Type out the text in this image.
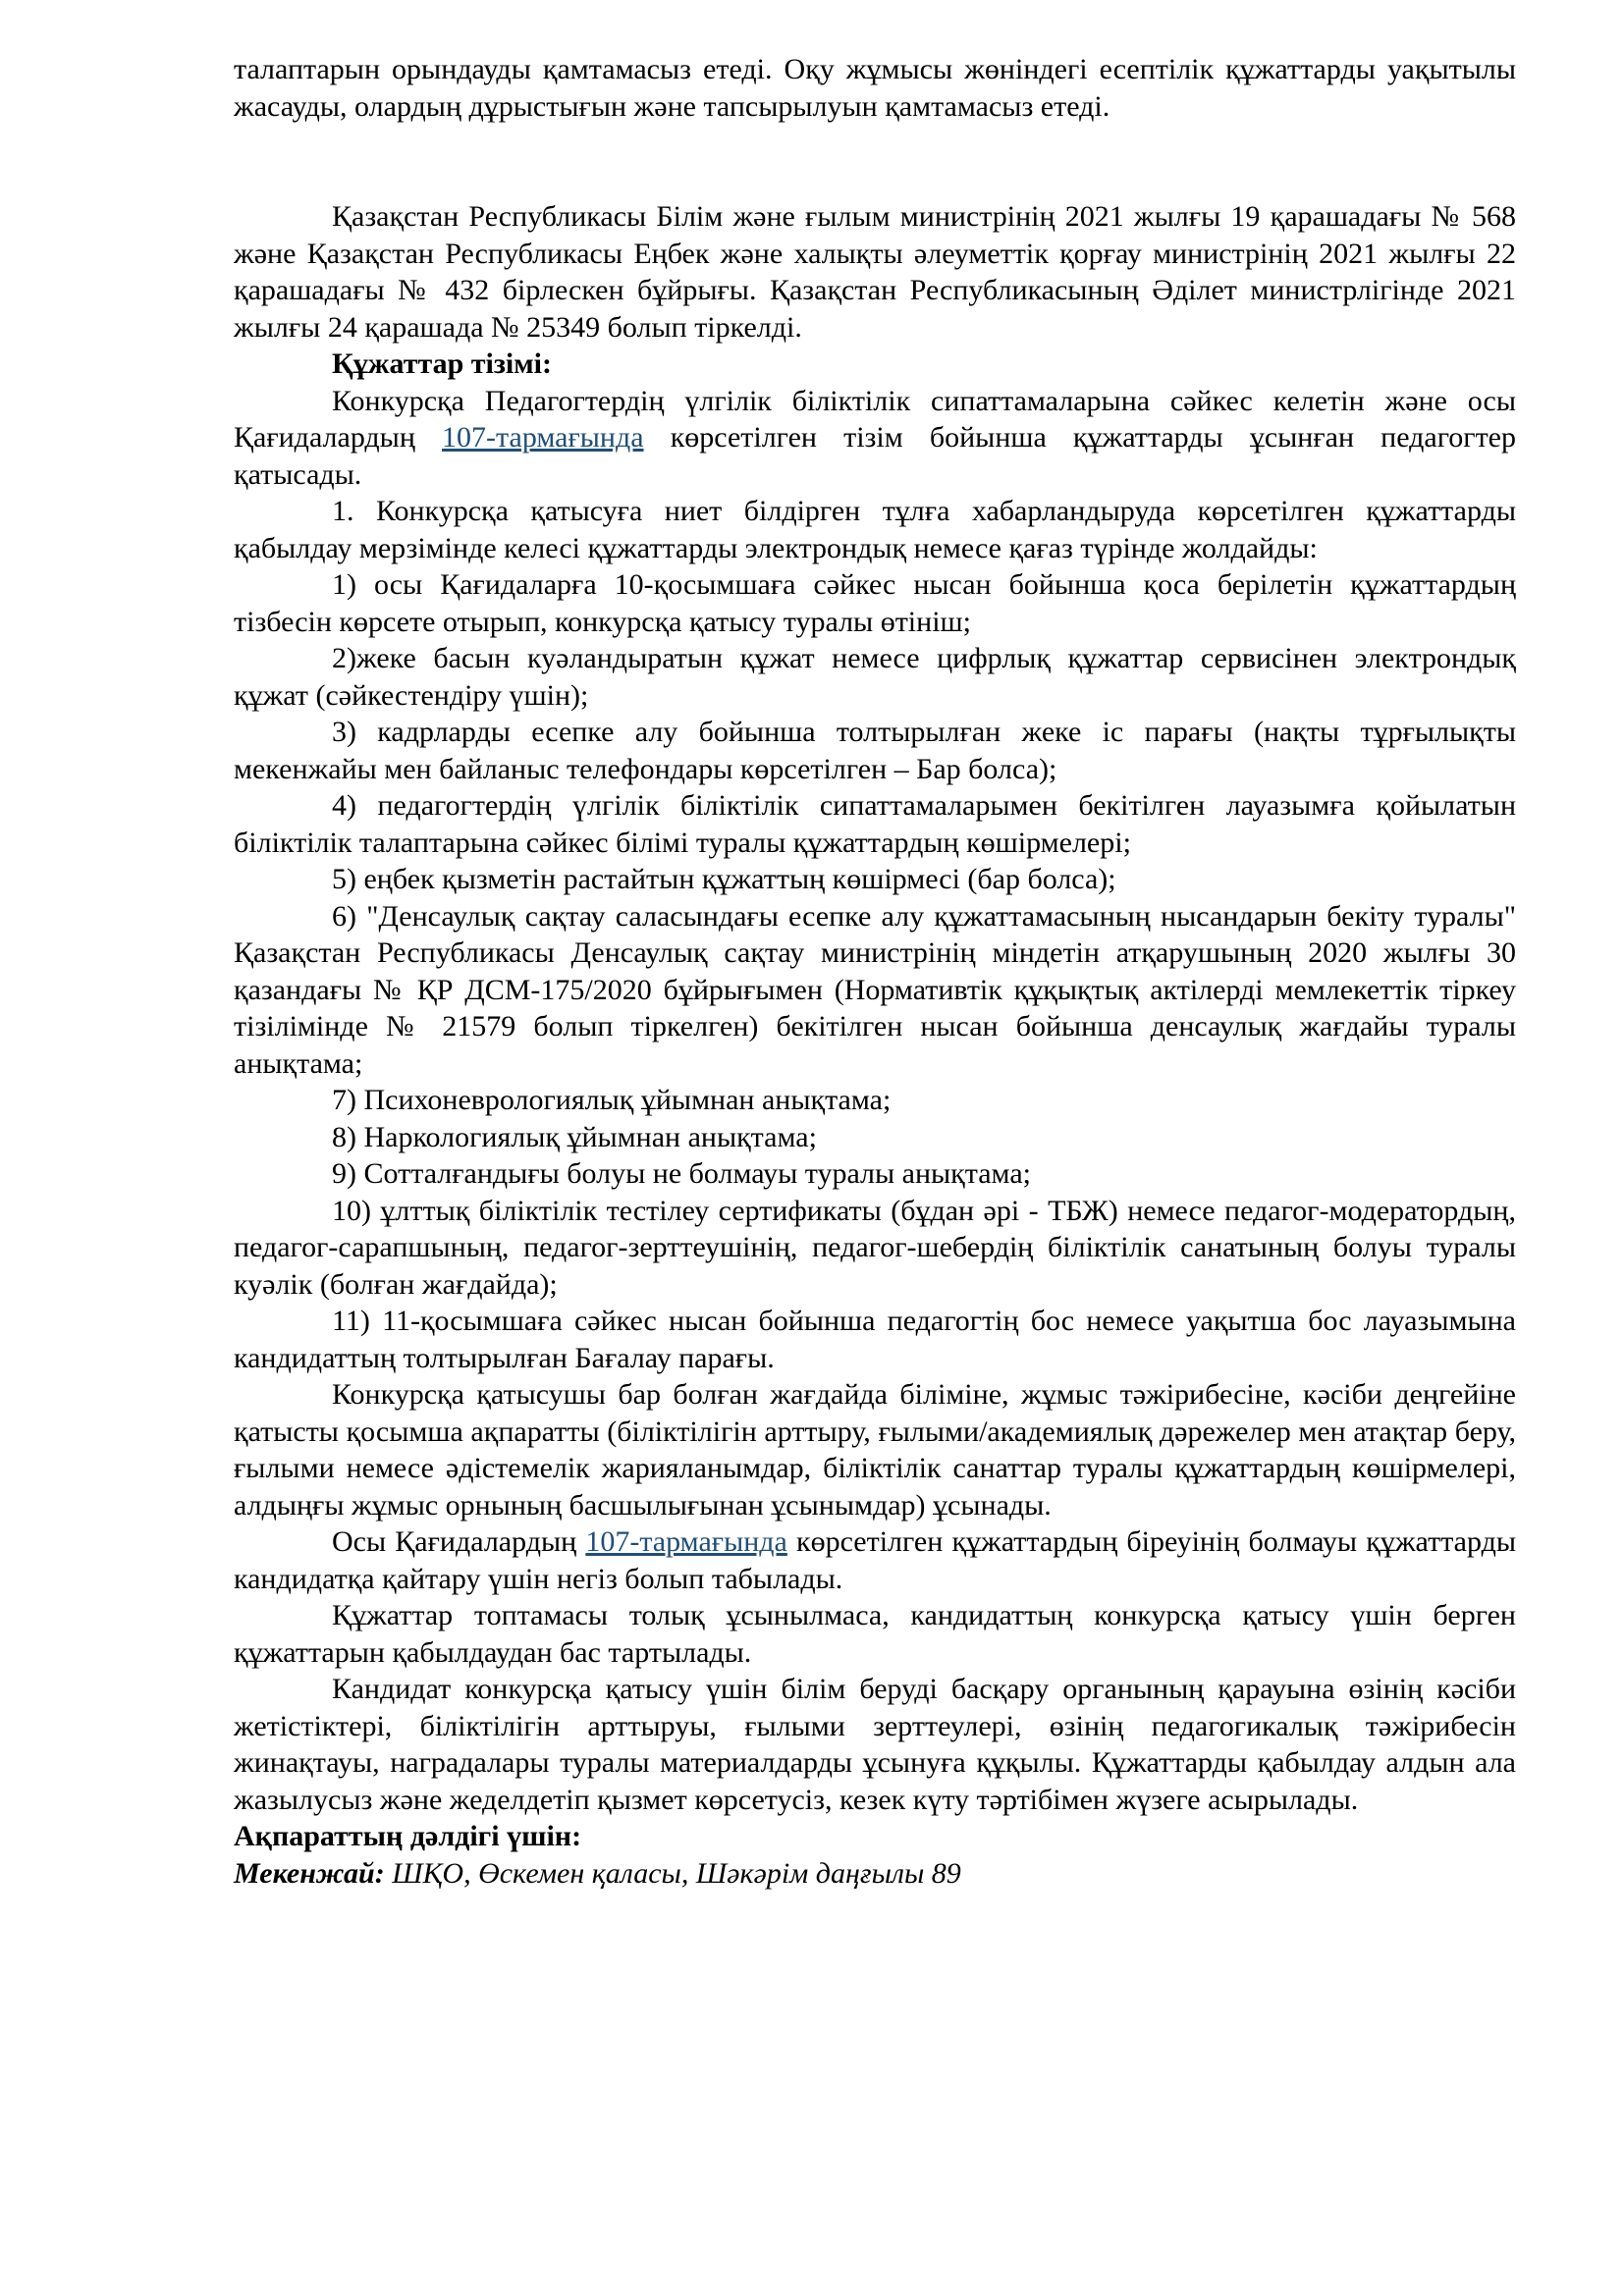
талаптарын орындауды қамтамасыз етеді. Оқу жұмысы жөніндегі есептілік құжаттарды уақытылы жасауды, олардың дұрыстығын және тапсырылуын қамтамасыз етеді.

Қазақстан Республикасы Білім және ғылым министрінің 2021 жылғы 19 қарашадағы № 568 және Қазақстан Республикасы Еңбек және халықты әлеуметтік қорғау министрінің 2021 жылғы 22 қарашадағы № 432 бірлескен бұйрығы. Қазақстан Республикасының Әділет министрлігінде 2021 жылғы 24 қарашада № 25349 болып тіркелді.

Құжаттар тізімі:

Конкурсқа Педагогтердің үлгілік біліктілік сипаттамаларына сәйкес келетін және осы Қағидалардың 107-тармағында көрсетілген тізім бойынша құжаттарды ұсынған педагогтер қатысады.

1. Конкурсқа қатысуға ниет білдірген тұлға хабарландыруда көрсетілген құжаттарды қабылдау мерзімінде келесі құжаттарды электрондық немесе қағаз түрінде жолдайды:

1) осы Қағидаларға 10-қосымшаға сәйкес нысан бойынша қоса берілетін құжаттардың тізбесін көрсете отырып, конкурсқа қатысу туралы өтініш;

2)жеке басын куәландыратын құжат немесе цифрлық құжаттар сервисінен электрондық құжат (сәйкестендіру үшін);

3) кадрларды есепке алу бойынша толтырылған жеке іс парағы (нақты тұрғылықты мекенжайы мен байланыс телефондары көрсетілген – Бар болса);

4) педагогтердің үлгілік біліктілік сипаттамаларымен бекітілген лауазымға қойылатын біліктілік талаптарына сәйкес білімі туралы құжаттардың көшірмелері;

5) еңбек қызметін растайтын құжаттың көшірмесі (бар болса);

6) "Денсаулық сақтау саласындағы есепке алу құжаттамасының нысандарын бекіту туралы" Қазақстан Республикасы Денсаулық сақтау министрінің міндетін атқарушының 2020 жылғы 30 қазандағы № ҚР ДСМ-175/2020 бұйрығымен (Нормативтік құқықтық актілерді мемлекеттік тіркеу тізілімінде № 21579 болып тіркелген) бекітілген нысан бойынша денсаулық жағдайы туралы анықтама;

7) Психоневрологиялық ұйымнан анықтама;

8) Наркологиялық ұйымнан анықтама;

9) Сотталғандығы болуы не болмауы туралы анықтама;

10) ұлттық біліктілік тестілеу сертификаты (бұдан әрі - ТБЖ) немесе педагог-модератордың, педагог-сарапшының, педагог-зерттеушінің, педагог-шебердің біліктілік санатының болуы туралы куәлік (болған жағдайда);

11) 11-қосымшаға сәйкес нысан бойынша педагогтің бос немесе уақытша бос лауазымына кандидаттың толтырылған Бағалау парағы.

Конкурсқа қатысушы бар болған жағдайда біліміне, жұмыс тәжірибесіне, кәсіби деңгейіне қатысты қосымша ақпаратты (біліктілігін арттыру, ғылыми/академиялық дәрежелер мен атақтар беру, ғылыми немесе әдістемелік жарияланымдар, біліктілік санаттар туралы құжаттардың көшірмелері, алдыңғы жұмыс орнының басшылығынан ұсынымдар) ұсынады.

Осы Қағидалардың 107-тармағында көрсетілген құжаттардың біреуінің болмауы құжаттарды кандидатқа қайтару үшін негіз болып табылады.

Құжаттар топтамасы толық ұсынылмаса, кандидаттың конкурсқа қатысу үшін берген құжаттарын қабылдаудан бас тартылады.

Кандидат конкурсқа қатысу үшін білім беруді басқару органының қарауына өзінің кәсіби жетістіктері, біліктілігін арттыруы, ғылыми зерттеулері, өзінің педагогикалық тәжірибесін жинақтауы, наградалары туралы материалдарды ұсынуға құқылы. Құжаттарды қабылдау алдын ала жазылусыз және жеделдетіп қызмет көрсетусіз, кезек күту тәртібімен жүзеге асырылады.

Ақпараттың дәлдігі үшін:

Мекенжай: ШҚО, Өскемен қаласы, Шәкәрім даңғылы 89
